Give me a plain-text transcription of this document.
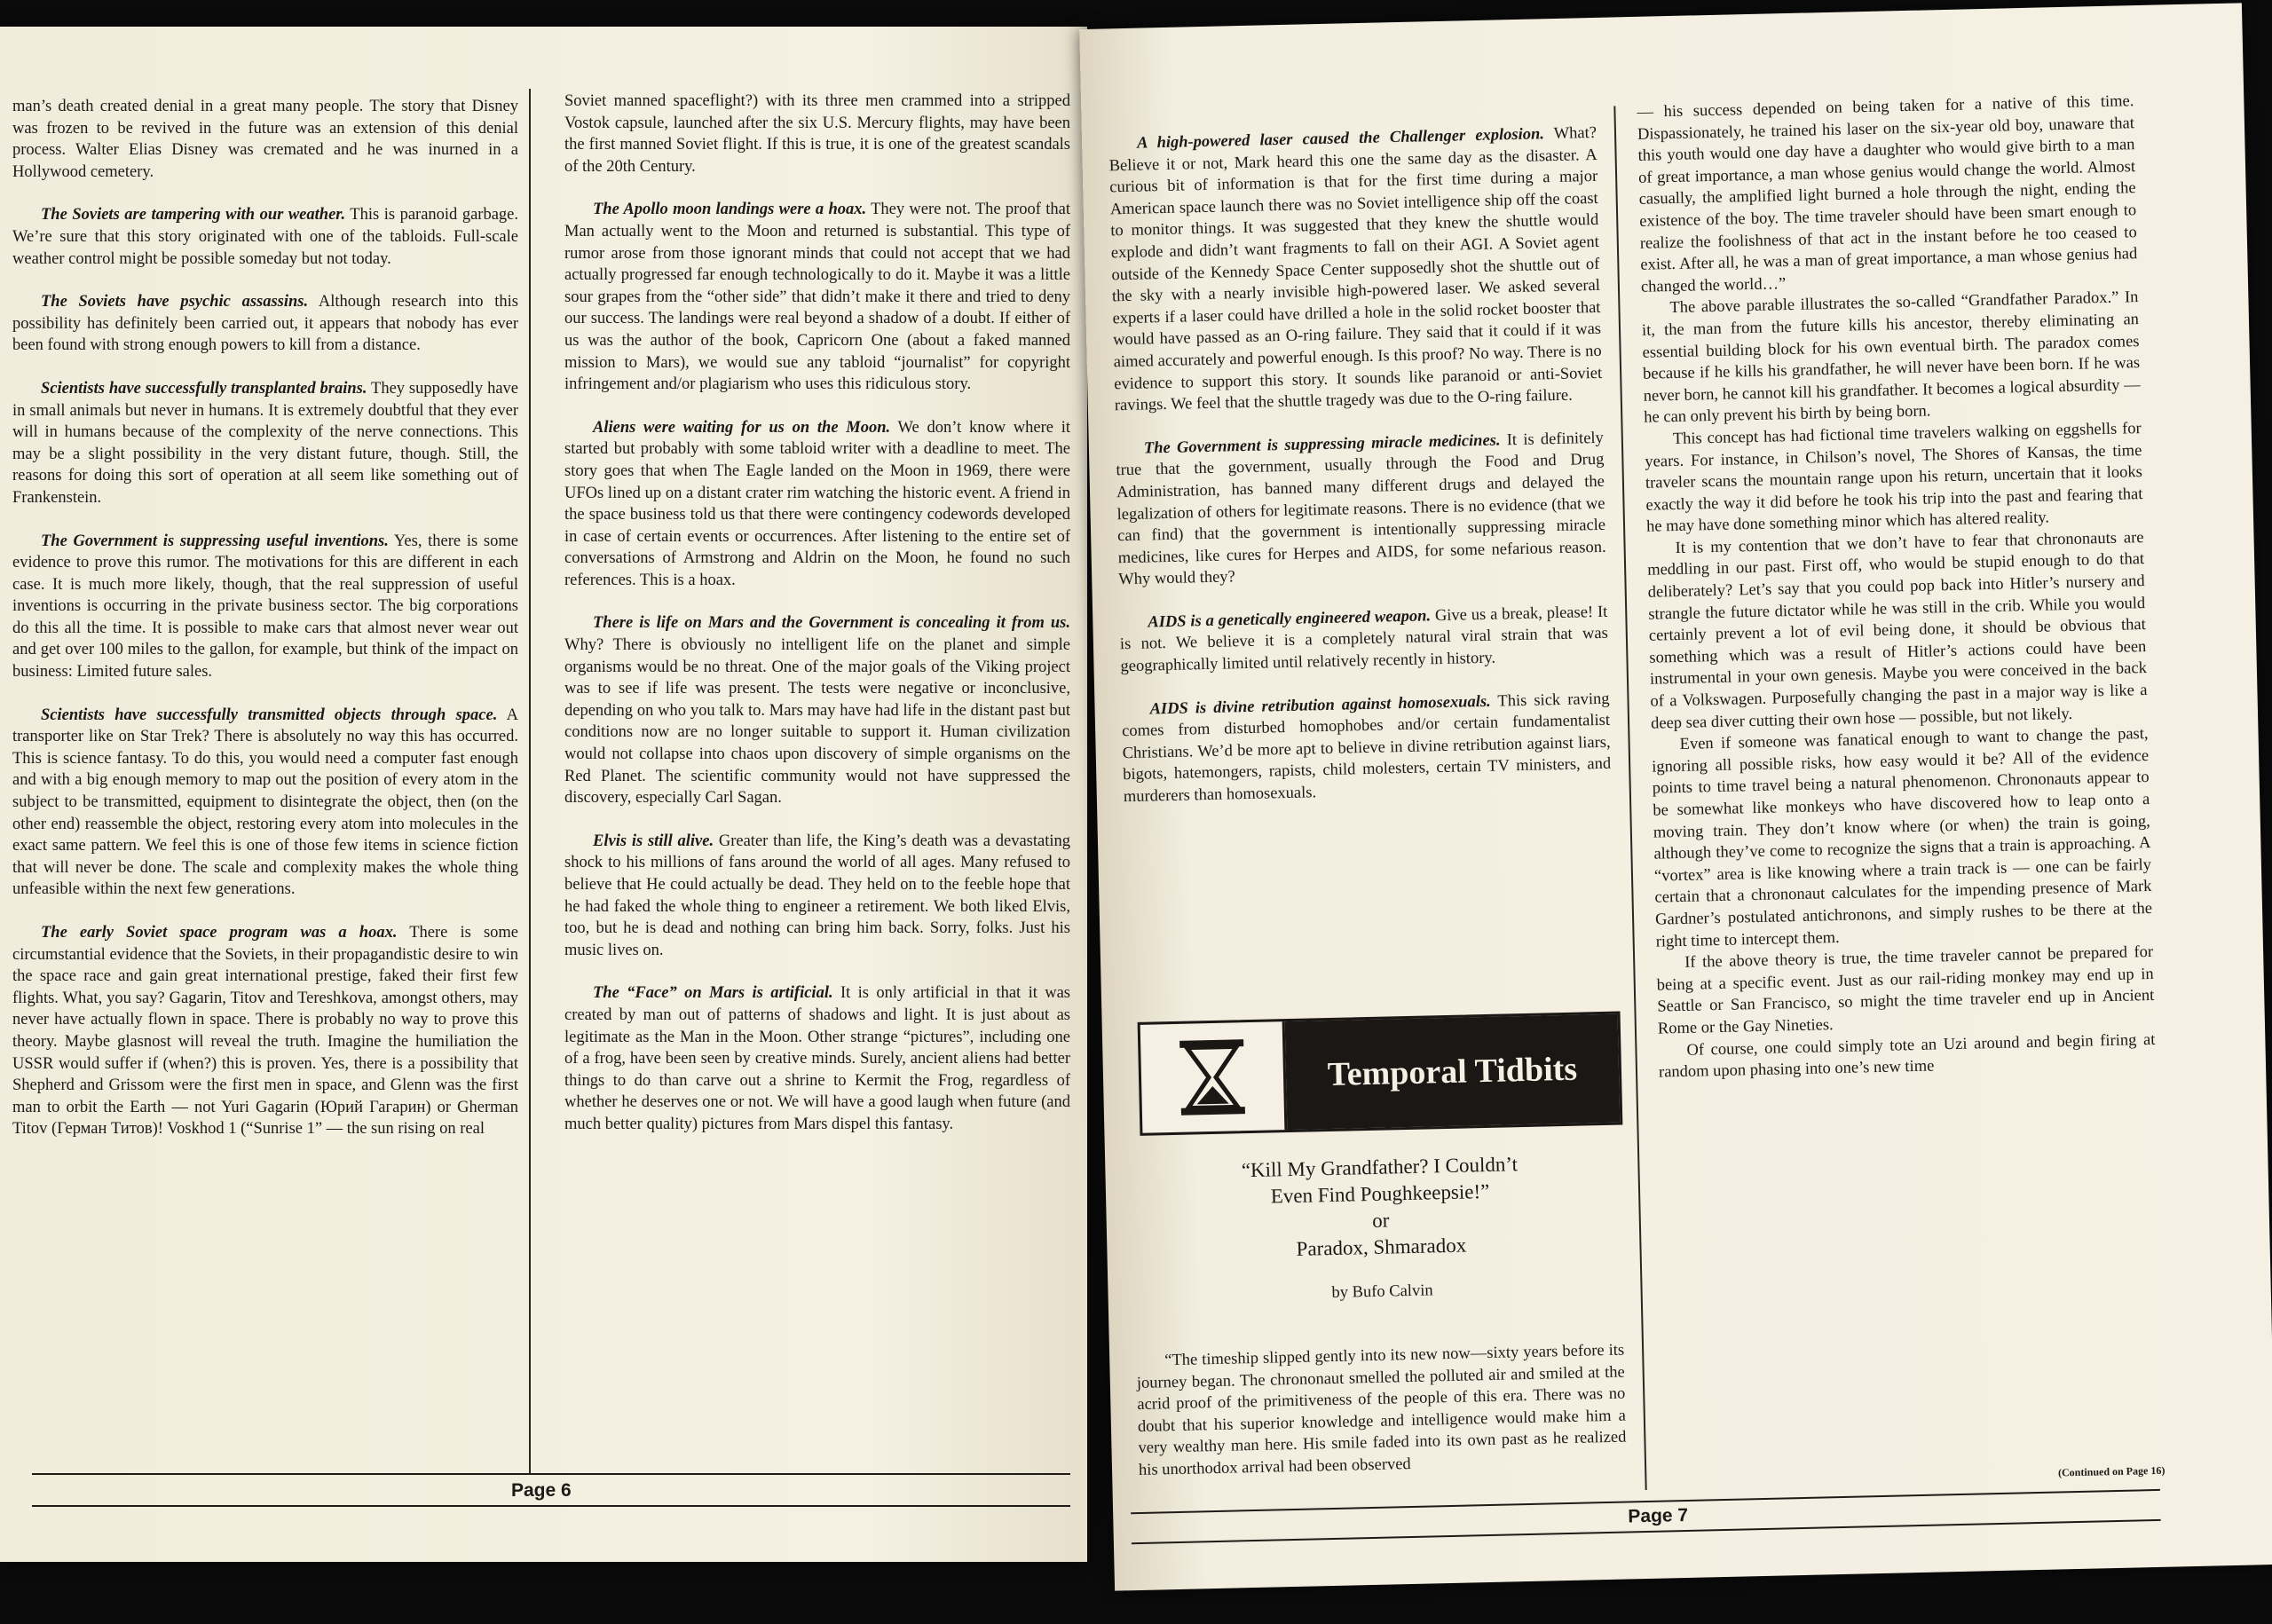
man’s death created denial in a great many people. The story that Disney was frozen to be revived in the future was an extension of this denial process. Walter Elias Disney was cremated and he was inurned in a Hollywood cemetery.

The Soviets are tampering with our weather. This is paranoid garbage. We’re sure that this story originated with one of the tabloids. Full-scale weather control might be possible someday but not today.

The Soviets have psychic assassins. Although research into this possibility has definitely been carried out, it appears that nobody has ever been found with strong enough powers to kill from a distance.

Scientists have successfully transplanted brains. They supposedly have in small animals but never in humans. It is extremely doubtful that they ever will in humans because of the complexity of the nerve connections. This may be a slight possibility in the very distant future, though. Still, the reasons for doing this sort of operation at all seem like something out of Frankenstein.

The Government is suppressing useful inventions. Yes, there is some evidence to prove this rumor. The motivations for this are different in each case. It is much more likely, though, that the real suppression of useful inventions is occurring in the private business sector. The big corporations do this all the time. It is possible to make cars that almost never wear out and get over 100 miles to the gallon, for example, but think of the impact on business: Limited future sales.

Scientists have successfully transmitted objects through space. A transporter like on Star Trek? There is absolutely no way this has occurred. This is science fantasy. To do this, you would need a computer fast enough and with a big enough memory to map out the position of every atom in the subject to be transmitted, equipment to disintegrate the object, then (on the other end) reassemble the object, restoring every atom into molecules in the exact same pattern. We feel this is one of those few items in science fiction that will never be done. The scale and complexity makes the whole thing unfeasible within the next few generations.

The early Soviet space program was a hoax. There is some circumstantial evidence that the Soviets, in their propagandistic desire to win the space race and gain great international prestige, faked their first few flights. What, you say? Gagarin, Titov and Tereshkova, amongst others, may never have actually flown in space. There is probably no way to prove this theory. Maybe glasnost will reveal the truth. Imagine the humiliation the USSR would suffer if (when?) this is proven. Yes, there is a possibility that Shepherd and Grissom were the first men in space, and Glenn was the first man to orbit the Earth — not Yuri Gagarin (Юрий Гагарин) or Gherman Titov (Герман Титов)! Voskhod 1 (“Sunrise 1” — the sun rising on real

Soviet manned spaceflight?) with its three men crammed into a stripped Vostok capsule, launched after the six U.S. Mercury flights, may have been the first manned Soviet flight. If this is true, it is one of the greatest scandals of the 20th Century.

The Apollo moon landings were a hoax. They were not. The proof that Man actually went to the Moon and returned is substantial. This type of rumor arose from those ignorant minds that could not accept that we had actually progressed far enough technologically to do it. Maybe it was a little sour grapes from the “other side” that didn’t make it there and tried to deny our success. The landings were real beyond a shadow of a doubt. If either of us was the author of the book, Capricorn One (about a faked manned mission to Mars), we would sue any tabloid “journalist” for copyright infringement and/or plagiarism who uses this ridiculous story.

Aliens were waiting for us on the Moon. We don’t know where it started but probably with some tabloid writer with a deadline to meet. The story goes that when The Eagle landed on the Moon in 1969, there were UFOs lined up on a distant crater rim watching the historic event. A friend in the space business told us that there were contingency codewords developed in case of certain events or occurrences. After listening to the entire set of conversations of Armstrong and Aldrin on the Moon, he found no such references. This is a hoax.

There is life on Mars and the Government is concealing it from us. Why? There is obviously no intelligent life on the planet and simple organisms would be no threat. One of the major goals of the Viking project was to see if life was present. The tests were negative or inconclusive, depending on who you talk to. Mars may have had life in the distant past but conditions now are no longer suitable to support it. Human civilization would not collapse into chaos upon discovery of simple organisms on the Red Planet. The scientific community would not have suppressed the discovery, especially Carl Sagan.

Elvis is still alive. Greater than life, the King’s death was a devastating shock to his millions of fans around the world of all ages. Many refused to believe that He could actually be dead. They held on to the feeble hope that he had faked the whole thing to engineer a retirement. We both liked Elvis, too, but he is dead and nothing can bring him back. Sorry, folks. Just his music lives on.

The “Face” on Mars is artificial. It is only artificial in that it was created by man out of patterns of shadows and light. It is just about as legitimate as the Man in the Moon. Other strange “pictures”, including one of a frog, have been seen by creative minds. Surely, ancient aliens had better things to do than carve out a shrine to Kermit the Frog, regardless of whether he deserves one or not. We will have a good laugh when future (and much better quality) pictures from Mars dispel this fantasy.

Page 6

A high-powered laser caused the Challenger explosion. What? Believe it or not, Mark heard this one the same day as the disaster. A curious bit of information is that for the first time during a major American space launch there was no Soviet intelligence ship off the coast to monitor things. It was suggested that they knew the shuttle would explode and didn’t want fragments to fall on their AGI. A Soviet agent outside of the Kennedy Space Center supposedly shot the shuttle out of the sky with a nearly invisible high-powered laser. We asked several experts if a laser could have drilled a hole in the solid rocket booster that would have passed as an O-ring failure. They said that it could if it was aimed accurately and powerful enough. Is this proof? No way. There is no evidence to support this story. It sounds like paranoid or anti-Soviet ravings. We feel that the shuttle tragedy was due to the O-ring failure.

The Government is suppressing miracle medicines. It is definitely true that the government, usually through the Food and Drug Administration, has banned many different drugs and delayed the legalization of others for legitimate reasons. There is no evidence (that we can find) that the government is intentionally suppressing miracle medicines, like cures for Herpes and AIDS, for some nefarious reason. Why would they?

AIDS is a genetically engineered weapon. Give us a break, please! It is not. We believe it is a completely natural viral strain that was geographically limited until relatively recently in history.

AIDS is divine retribution against homosexuals. This sick raving comes from disturbed homophobes and/or certain fundamentalist Christians. We’d be more apt to believe in divine retribution against liars, bigots, hatemongers, rapists, child molesters, certain TV ministers, and murderers than homosexuals.

Temporal Tidbits
“Kill My Grandfather? I Couldn’t
Even Find Poughkeepsie!”
or
Paradox, Shmaradox
by Bufo Calvin

“The timeship slipped gently into its new now—sixty years before its journey began. The chrononaut smelled the polluted air and smiled at the acrid proof of the primitiveness of the people of this era. There was no doubt that his superior knowledge and intelligence would make him a very wealthy man here. His smile faded into its own past as he realized his unorthodox arrival had been observed

— his success depended on being taken for a native of this time. Dispassionately, he trained his laser on the six-year old boy, unaware that this youth would one day have a daughter who would give birth to a man of great importance, a man whose genius would change the world. Almost casually, the amplified light burned a hole through the night, ending the existence of the boy. The time traveler should have been smart enough to realize the foolishness of that act in the instant before he too ceased to exist. After all, he was a man of great importance, a man whose genius had changed the world…”

The above parable illustrates the so-called “Grandfather Paradox.” In it, the man from the future kills his ancestor, thereby eliminating an essential building block for his own eventual birth. The paradox comes because if he kills his grandfather, he will never have been born. If he was never born, he cannot kill his grandfather. It becomes a logical absurdity — he can only prevent his birth by being born.

This concept has had fictional time travelers walking on eggshells for years. For instance, in Chilson’s novel, The Shores of Kansas, the time traveler scans the mountain range upon his return, uncertain that it looks exactly the way it did before he took his trip into the past and fearing that he may have done something minor which has altered reality.

It is my contention that we don’t have to fear that chrononauts are meddling in our past. First off, who would be stupid enough to do that deliberately? Let’s say that you could pop back into Hitler’s nursery and strangle the future dictator while he was still in the crib. While you would certainly prevent a lot of evil being done, it should be obvious that something which was a result of Hitler’s actions could have been instrumental in your own genesis. Maybe you were conceived in the back of a Volkswagen. Purposefully changing the past in a major way is like a deep sea diver cutting their own hose — possible, but not likely.

Even if someone was fanatical enough to want to change the past, ignoring all possible risks, how easy would it be? All of the evidence points to time travel being a natural phenomenon. Chrononauts appear to be somewhat like monkeys who have discovered how to leap onto a moving train. They don’t know where (or when) the train is going, although they’ve come to recognize the signs that a train is approaching. A “vortex” area is like knowing where a train track is — one can be fairly certain that a chrononaut calculates for the impending presence of Mark Gardner’s postulated antichronons, and simply rushes to be there at the right time to intercept them.

If the above theory is true, the time traveler cannot be prepared for being at a specific event. Just as our rail-riding monkey may end up in Seattle or San Francisco, so might the time traveler end up in Ancient Rome or the Gay Nineties.

Of course, one could simply tote an Uzi around and begin firing at random upon phasing into one’s new time

(Continued on Page 16)
Page 7
